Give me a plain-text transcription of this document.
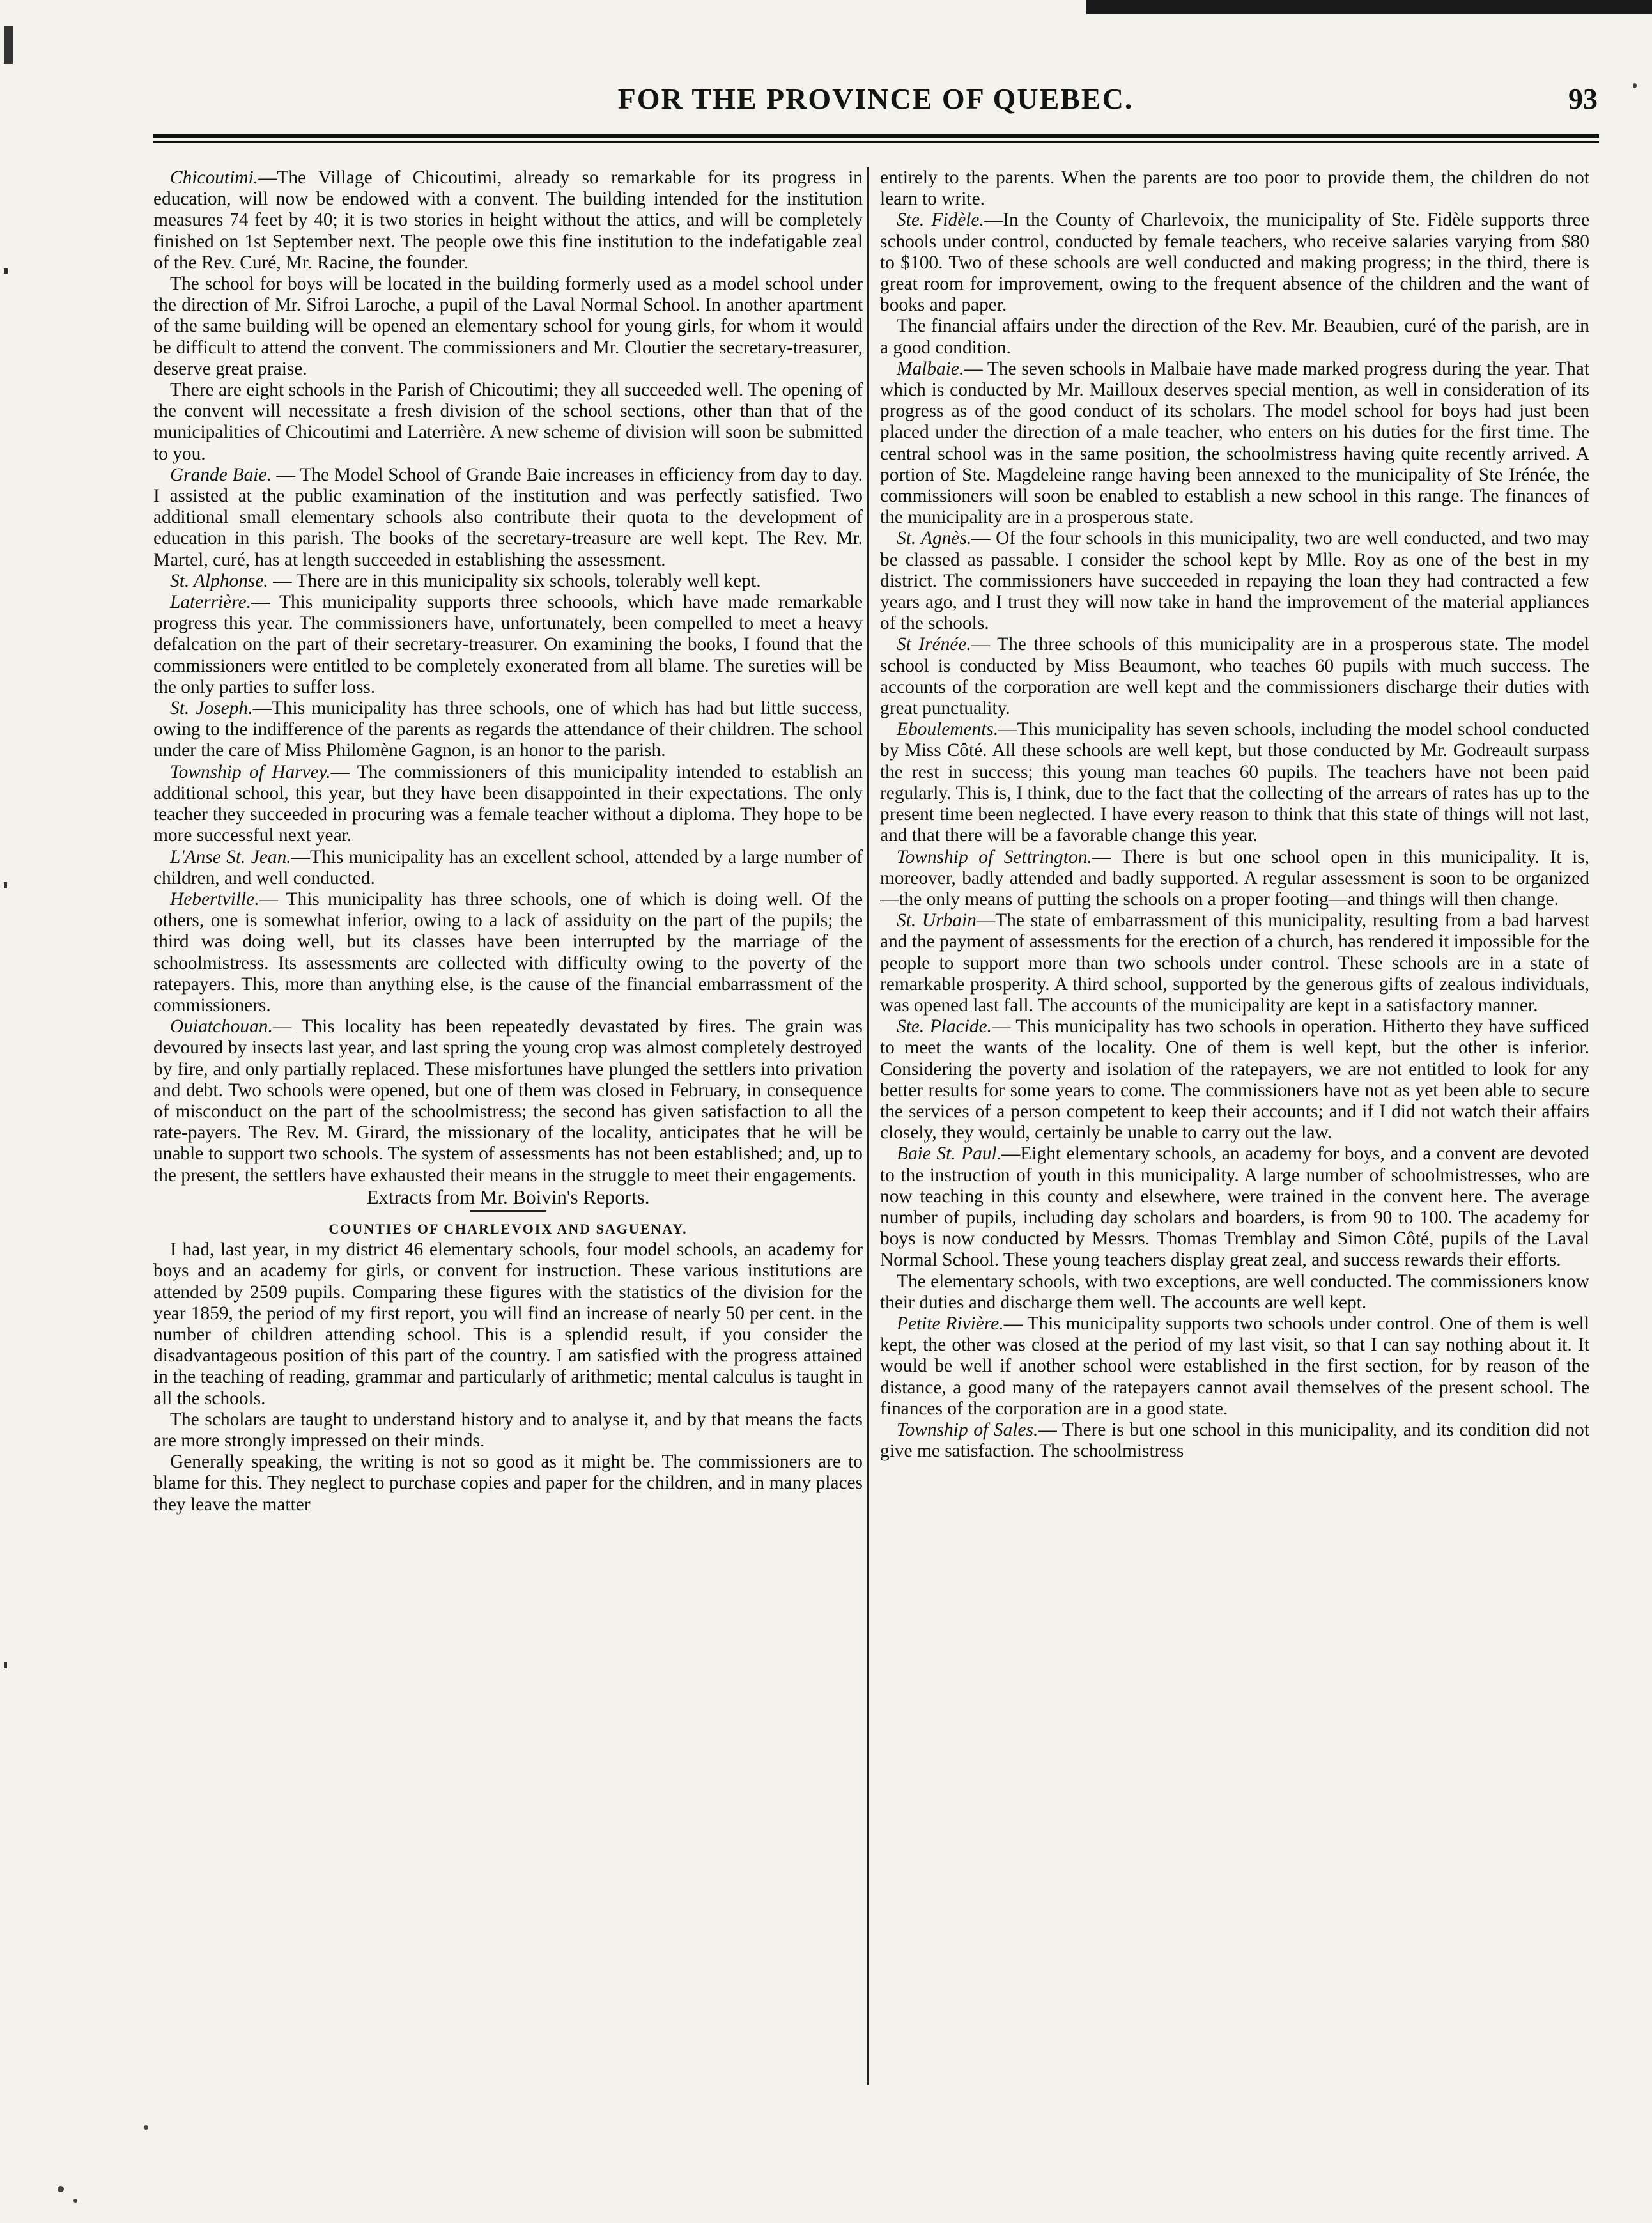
FOR THE PROVINCE OF QUEBEC.	93

Chicoutimi.—The Village of Chicoutimi, already so remarkable for its progress in education, will now be endowed with a convent. The building intended for the institution measures 74 feet by 40; it is two stories in height without the attics, and will be completely finished on 1st September next. The people owe this fine institution to the indefatigable zeal of the Rev. Curé, Mr. Racine, the founder.

The school for boys will be located in the building formerly used as a model school under the direction of Mr. Sifroi Laroche, a pupil of the Laval Normal School. In another apartment of the same building will be opened an elementary school for young girls, for whom it would be difficult to attend the convent. The commissioners and Mr. Cloutier the secretary-treasurer, deserve great praise.

There are eight schools in the Parish of Chicoutimi; they all succeeded well. The opening of the convent will necessitate a fresh division of the school sections, other than that of the municipalities of Chicoutimi and Laterrière. A new scheme of division will soon be submitted to you.

Grande Baie. — The Model School of Grande Baie increases in efficiency from day to day. I assisted at the public examination of the institution and was perfectly satisfied. Two additional small elementary schools also contribute their quota to the development of education in this parish. The books of the secretary-treasure are well kept. The Rev. Mr. Martel, curé, has at length succeeded in establishing the assessment.

St. Alphonse. — There are in this municipality six schools, tolerably well kept.

Laterrière.— This municipality supports three schoools, which have made remarkable progress this year. The commissioners have, unfortunately, been compelled to meet a heavy defalcation on the part of their secretary-treasurer. On examining the books, I found that the commissioners were entitled to be completely exonerated from all blame. The sureties will be the only parties to suffer loss.

St. Joseph.—This municipality has three schools, one of which has had but little success, owing to the indifference of the parents as regards the attendance of their children. The school under the care of Miss Philomène Gagnon, is an honor to the parish.

Township of Harvey.— The commissioners of this municipality intended to establish an additional school, this year, but they have been disappointed in their expectations. The only teacher they succeeded in procuring was a female teacher without a diploma. They hope to be more successful next year.

L'Anse St. Jean.—This municipality has an excellent school, attended by a large number of children, and well conducted.

Hebertville.— This municipality has three schools, one of which is doing well. Of the others, one is somewhat inferior, owing to a lack of assiduity on the part of the pupils; the third was doing well, but its classes have been interrupted by the marriage of the schoolmistress. Its assessments are collected with difficulty owing to the poverty of the ratepayers. This, more than anything else, is the cause of the financial embarrassment of the commissioners.

Ouiatchouan.— This locality has been repeatedly devastated by fires. The grain was devoured by insects last year, and last spring the young crop was almost completely destroyed by fire, and only partially replaced. These misfortunes have plunged the settlers into privation and debt. Two schools were opened, but one of them was closed in February, in consequence of misconduct on the part of the schoolmistress; the second has given satisfaction to all the rate-payers. The Rev. M. Girard, the missionary of the locality, anticipates that he will be unable to support two schools. The system of assessments has not been established; and, up to the present, the settlers have exhausted their means in the struggle to meet their engagements.

Extracts from Mr. Boivin's Reports.

COUNTIES OF CHARLEVOIX AND SAGUENAY.

I had, last year, in my district 46 elementary schools, four model schools, an academy for boys and an academy for girls, or convent for instruction. These various institutions are attended by 2509 pupils. Comparing these figures with the statistics of the division for the year 1859, the period of my first report, you will find an increase of nearly 50 per cent. in the number of children attending school. This is a splendid result, if you consider the disadvantageous position of this part of the country. I am satisfied with the progress attained in the teaching of reading, grammar and particularly of arithmetic; mental calculus is taught in all the schools.

The scholars are taught to understand history and to analyse it, and by that means the facts are more strongly impressed on their minds.

Generally speaking, the writing is not so good as it might be. The commissioners are to blame for this. They neglect to purchase copies and paper for the children, and in many places they leave the matter

entirely to the parents. When the parents are too poor to provide them, the children do not learn to write.

Ste. Fidèle.—In the County of Charlevoix, the municipality of Ste. Fidèle supports three schools under control, conducted by female teachers, who receive salaries varying from $80 to $100. Two of these schools are well conducted and making progress; in the third, there is great room for improvement, owing to the frequent absence of the children and the want of books and paper.

The financial affairs under the direction of the Rev. Mr. Beaubien, curé of the parish, are in a good condition.

Malbaie.— The seven schools in Malbaie have made marked progress during the year. That which is conducted by Mr. Mailloux deserves special mention, as well in consideration of its progress as of the good conduct of its scholars. The model school for boys had just been placed under the direction of a male teacher, who enters on his duties for the first time. The central school was in the same position, the schoolmistress having quite recently arrived. A portion of Ste. Magdeleine range having been annexed to the municipality of Ste Irénée, the commissioners will soon be enabled to establish a new school in this range. The finances of the municipality are in a prosperous state.

St. Agnès.— Of the four schools in this municipality, two are well conducted, and two may be classed as passable. I consider the school kept by Mlle. Roy as one of the best in my district. The commissioners have succeeded in repaying the loan they had contracted a few years ago, and I trust they will now take in hand the improvement of the material appliances of the schools.

St Irénée.— The three schools of this municipality are in a prosperous state. The model school is conducted by Miss Beaumont, who teaches 60 pupils with much success. The accounts of the corporation are well kept and the commissioners discharge their duties with great punctuality.

Eboulements.—This municipality has seven schools, including the model school conducted by Miss Côté. All these schools are well kept, but those conducted by Mr. Godreault surpass the rest in success; this young man teaches 60 pupils. The teachers have not been paid regularly. This is, I think, due to the fact that the collecting of the arrears of rates has up to the present time been neglected. I have every reason to think that this state of things will not last, and that there will be a favorable change this year.

Township of Settrington.— There is but one school open in this municipality. It is, moreover, badly attended and badly supported. A regular assessment is soon to be organized—the only means of putting the schools on a proper footing—and things will then change.

St. Urbain—The state of embarrassment of this municipality, resulting from a bad harvest and the payment of assessments for the erection of a church, has rendered it impossible for the people to support more than two schools under control. These schools are in a state of remarkable prosperity. A third school, supported by the generous gifts of zealous individuals, was opened last fall. The accounts of the municipality are kept in a satisfactory manner.

Ste. Placide.— This municipality has two schools in operation. Hitherto they have sufficed to meet the wants of the locality. One of them is well kept, but the other is inferior. Considering the poverty and isolation of the ratepayers, we are not entitled to look for any better results for some years to come. The commissioners have not as yet been able to secure the services of a person competent to keep their accounts; and if I did not watch their affairs closely, they would, certainly be unable to carry out the law.

Baie St. Paul.—Eight elementary schools, an academy for boys, and a convent are devoted to the instruction of youth in this municipality. A large number of schoolmistresses, who are now teaching in this county and elsewhere, were trained in the convent here. The average number of pupils, including day scholars and boarders, is from 90 to 100. The academy for boys is now conducted by Messrs. Thomas Tremblay and Simon Côté, pupils of the Laval Normal School. These young teachers display great zeal, and success rewards their efforts.

The elementary schools, with two exceptions, are well conducted. The commissioners know their duties and discharge them well. The accounts are well kept.

Petite Rivière.— This municipality supports two schools under control. One of them is well kept, the other was closed at the period of my last visit, so that I can say nothing about it. It would be well if another school were established in the first section, for by reason of the distance, a good many of the ratepayers cannot avail themselves of the present school. The finances of the corporation are in a good state.

Township of Sales.— There is but one school in this municipality, and its condition did not give me satisfaction. The schoolmistress
